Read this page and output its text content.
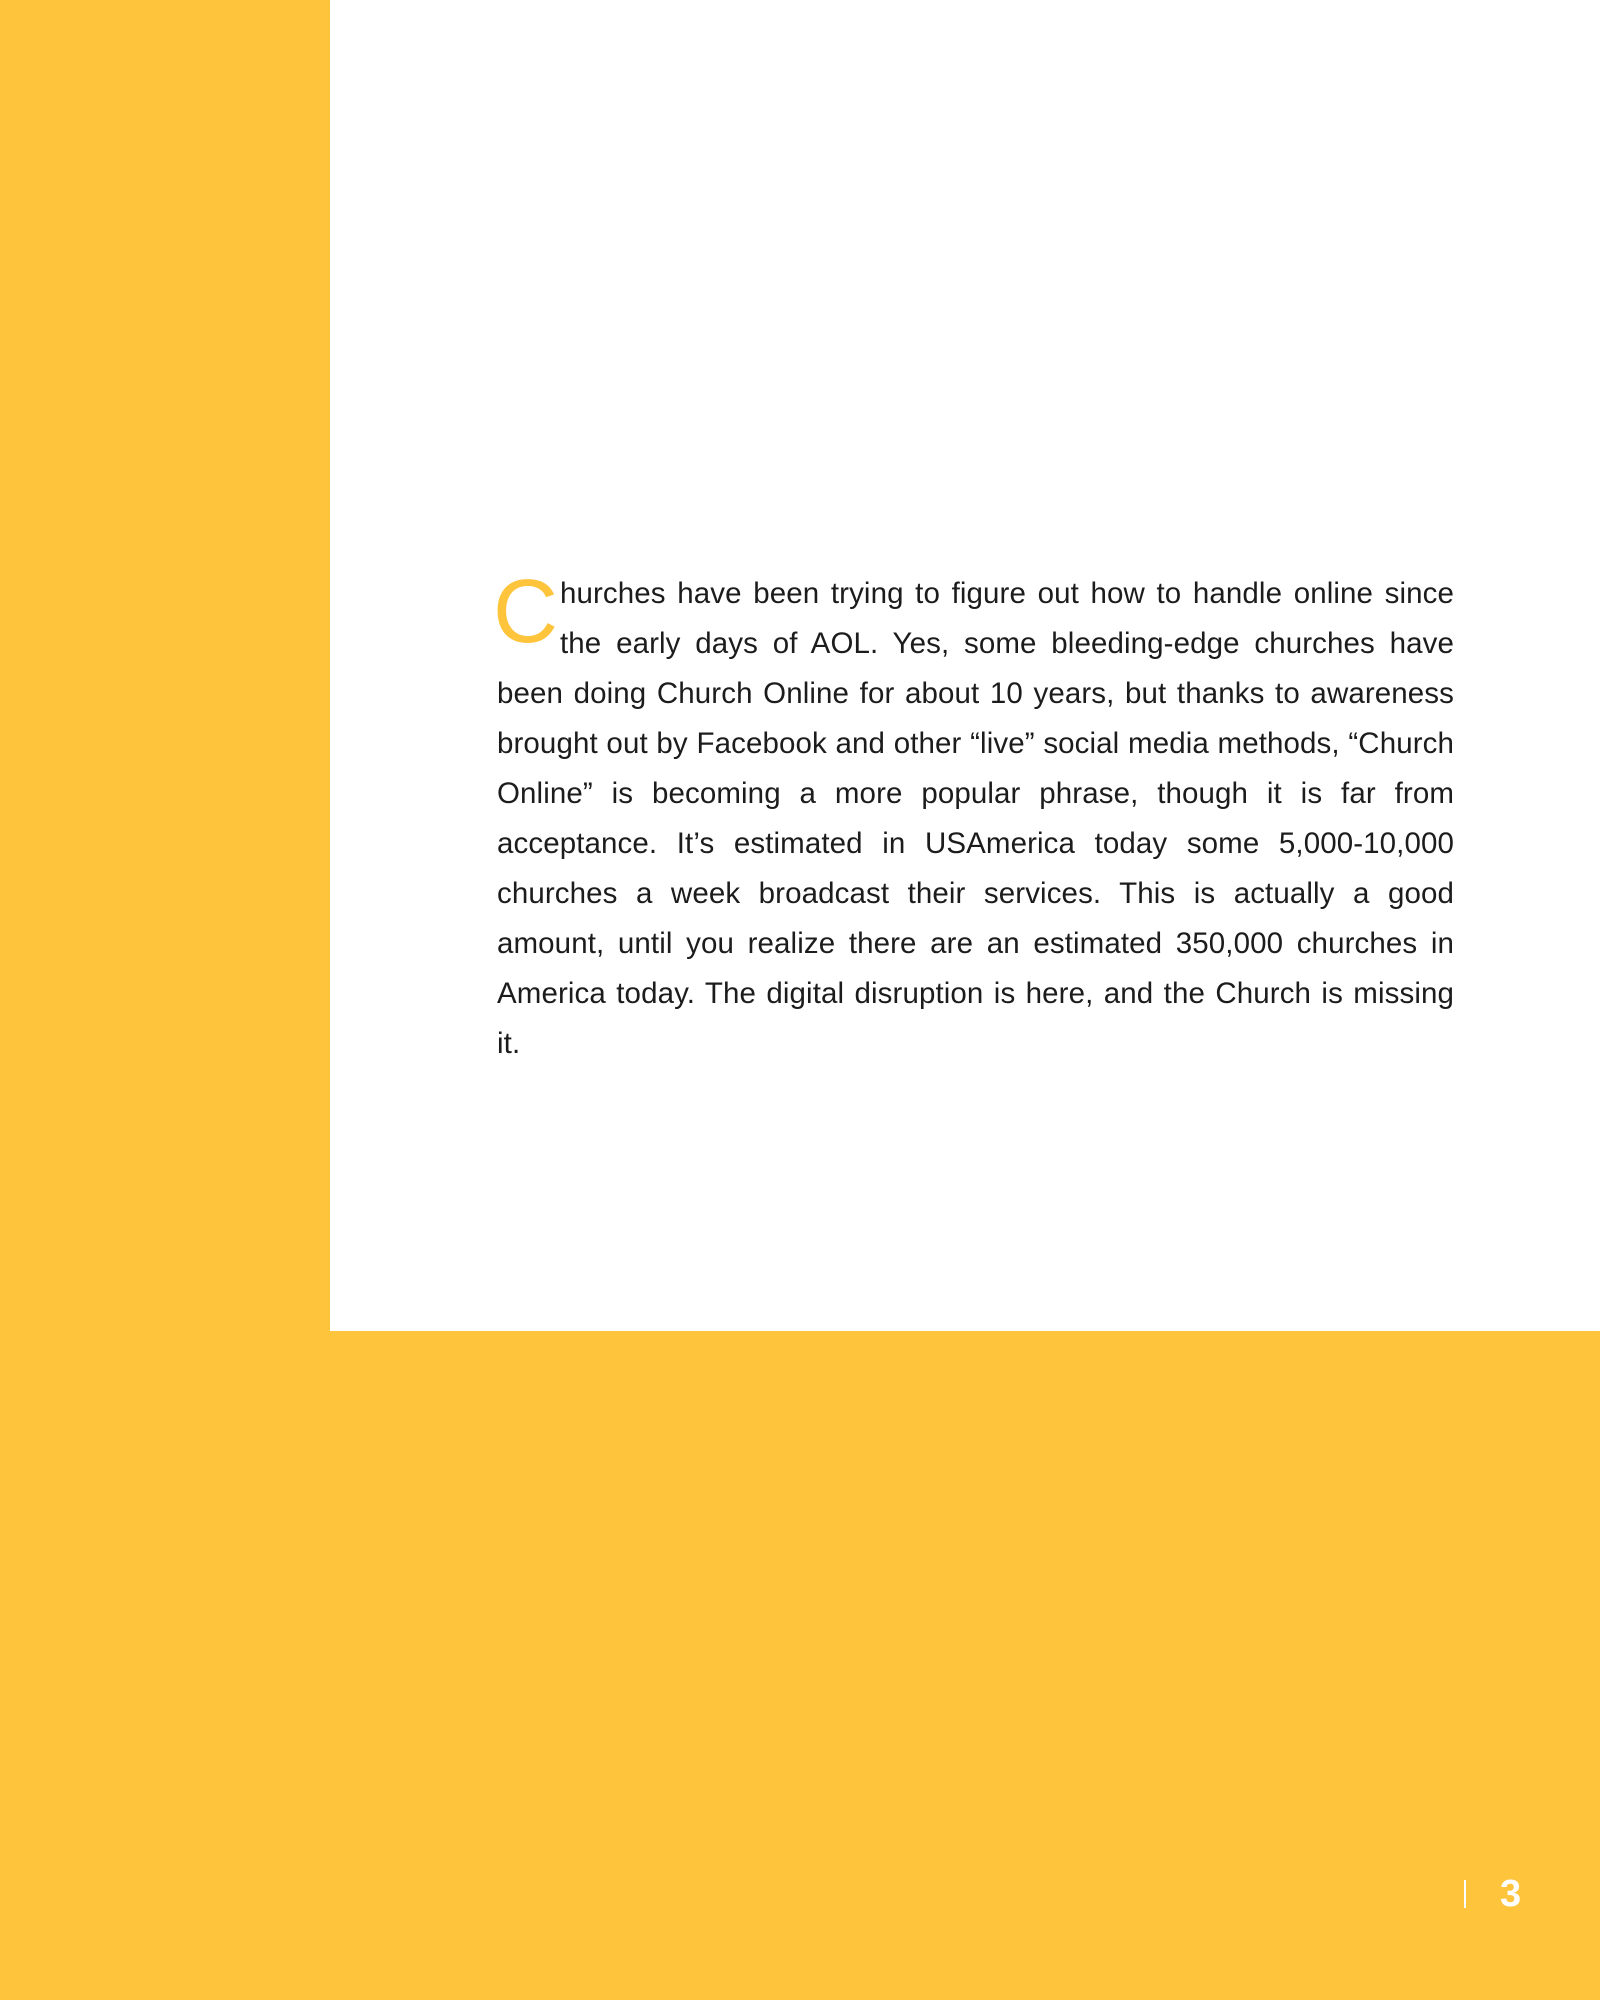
Churches have been trying to figure out how to handle online since the early days of AOL. Yes, some bleeding-edge churches have been doing Church Online for about 10 years, but thanks to awareness brought out by Facebook and other “live” social media methods, “Church Online” is becoming a more popular phrase, though it is far from acceptance. It’s estimated in USAmerica today some 5,000-10,000 churches a week broadcast their services. This is actually a good amount, until you realize there are an estimated 350,000 churches in America today. The digital disruption is here, and the Church is missing it.

3
